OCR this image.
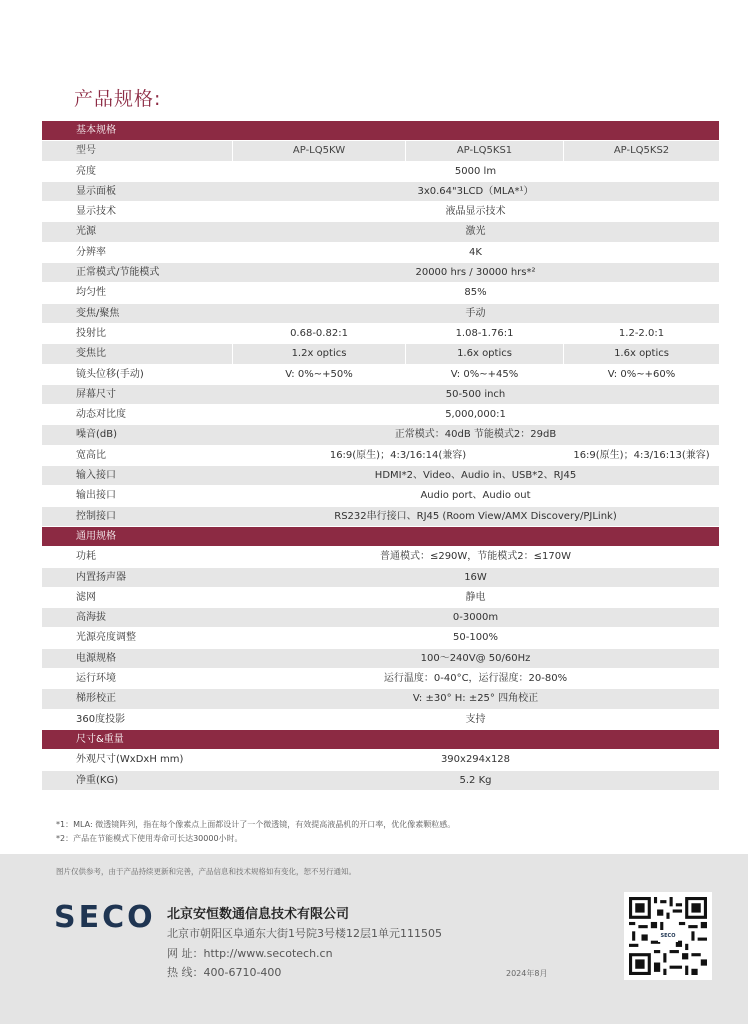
产品规格:
基本规格
型号	AP-LQ5KW	AP-LQ5KS1	AP-LQ5KS2
亮度	5000 lm
显示面板	3x0.64"3LCD（MLA*¹）
显示技术	液晶显示技术
光源	激光
分辨率	4K
正常模式/节能模式	20000 hrs / 30000 hrs*²
均匀性	85%
变焦/聚焦	手动
投射比	0.68-0.82:1	1.08-1.76:1	1.2-2.0:1
变焦比	1.2x optics	1.6x optics	1.6x optics
镜头位移(手动)	V: 0%~+50%	V: 0%~+45%	V: 0%~+60%
屏幕尺寸	50-500 inch
动态对比度	5,000,000:1
噪音(dB)	正常模式：40dB 节能模式2：29dB
宽高比	16:9(原生)；4:3/16:14(兼容)	16:9(原生)；4:3/16:13(兼容)
输入接口	HDMI*2、Video、Audio in、USB*2、RJ45
输出接口	Audio port、Audio out
控制接口	RS232串行接口、RJ45 (Room View/AMX Discovery/PJLink)
通用规格
功耗	普通模式：≤290W，节能模式2：≤170W
内置扬声器	16W
滤网	静电
高海拔	0-3000m
光源亮度调整	50-100%
电源规格	100～240V@ 50/60Hz
运行环境	运行温度：0-40°C，运行湿度：20-80%
梯形校正	V: ±30° H: ±25° 四角校正
360度投影	支持
尺寸&重量
外观尺寸(WxDxH mm)	390x294x128
净重(KG)	5.2 Kg
*1：MLA: 微透镜阵列，指在每个像素点上面都设计了一个微透镜，有效提高液晶机的开口率，优化像素颗粒感。
*2：产品在节能模式下使用寿命可长达30000小时。
图片仅供参考，由于产品持续更新和完善，产品信息和技术规格如有变化，恕不另行通知。
SECO 北京安恒数通信息技术有限公司
北京市朝阳区阜通东大街1号院3号楼12层1单元111505
网 址：http://www.secotech.cn
热 线：400-6710-400	2024年8月
SECO
